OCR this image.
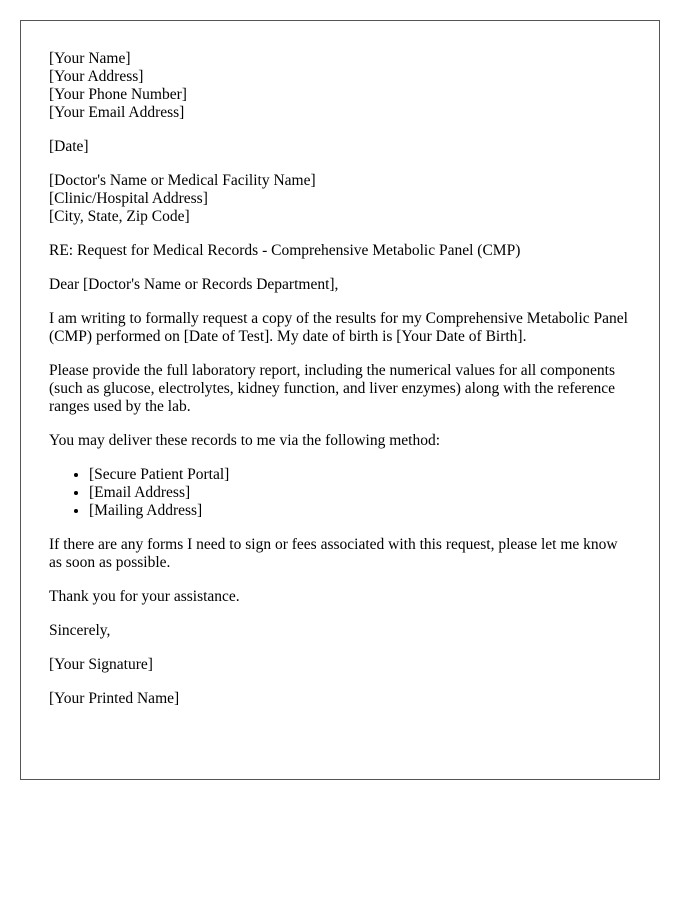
[Your Name]
[Your Address]
[Your Phone Number]
[Your Email Address]
[Date]
[Doctor's Name or Medical Facility Name]
[Clinic/Hospital Address]
[City, State, Zip Code]

RE: Request for Medical Records - Comprehensive Metabolic Panel (CMP)

Dear [Doctor's Name or Records Department],

I am writing to formally request a copy of the results for my Comprehensive Metabolic Panel (CMP) performed on [Date of Test]. My date of birth is [Your Date of Birth].

Please provide the full laboratory report, including the numerical values for all components (such as glucose, electrolytes, kidney function, and liver enzymes) along with the reference ranges used by the lab.

You may deliver these records to me via the following method:

• [Secure Patient Portal]
• [Email Address]
• [Mailing Address]

If there are any forms I need to sign or fees associated with this request, please let me know as soon as possible.

Thank you for your assistance.

Sincerely,

[Your Signature]

[Your Printed Name]
